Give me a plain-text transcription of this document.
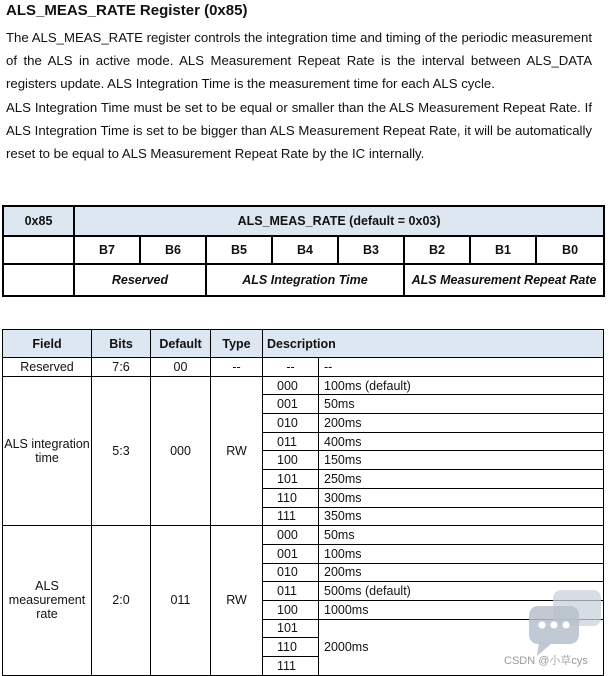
ALS_MEAS_RATE Register (0x85)
The ALS_MEAS_RATE register controls the integration time and timing of the periodic measurement of the ALS in active mode. ALS Measurement Repeat Rate is the interval between ALS_DATA registers update. ALS Integration Time is the measurement time for each ALS cycle.
ALS Integration Time must be set to be equal or smaller than the ALS Measurement Repeat Rate. If ALS Integration Time is set to be bigger than ALS Measurement Repeat Rate, it will be automatically reset to be equal to ALS Measurement Repeat Rate by the IC internally.
0x85	ALS_MEAS_RATE (default = 0x03)							
	B7	B6	B5	B4	B3	B2	B1	B0
	Reserved		ALS Integration Time			ALS Measurement Repeat Rate		
Field	Bits	Default	Type	Description	
Reserved	7:6	00	--	--	--
ALS integration time	5:3	000	RW	000	100ms (default)
				001	50ms
				010	200ms
				011	400ms
				100	150ms
				101	250ms
				110	300ms
				111	350ms
ALS measurement rate	2:0	011	RW	000	50ms
				001	100ms
				010	200ms
				011	500ms (default)
				100	1000ms
				101	2000ms
				110	
				111		CSDN @小草cys
